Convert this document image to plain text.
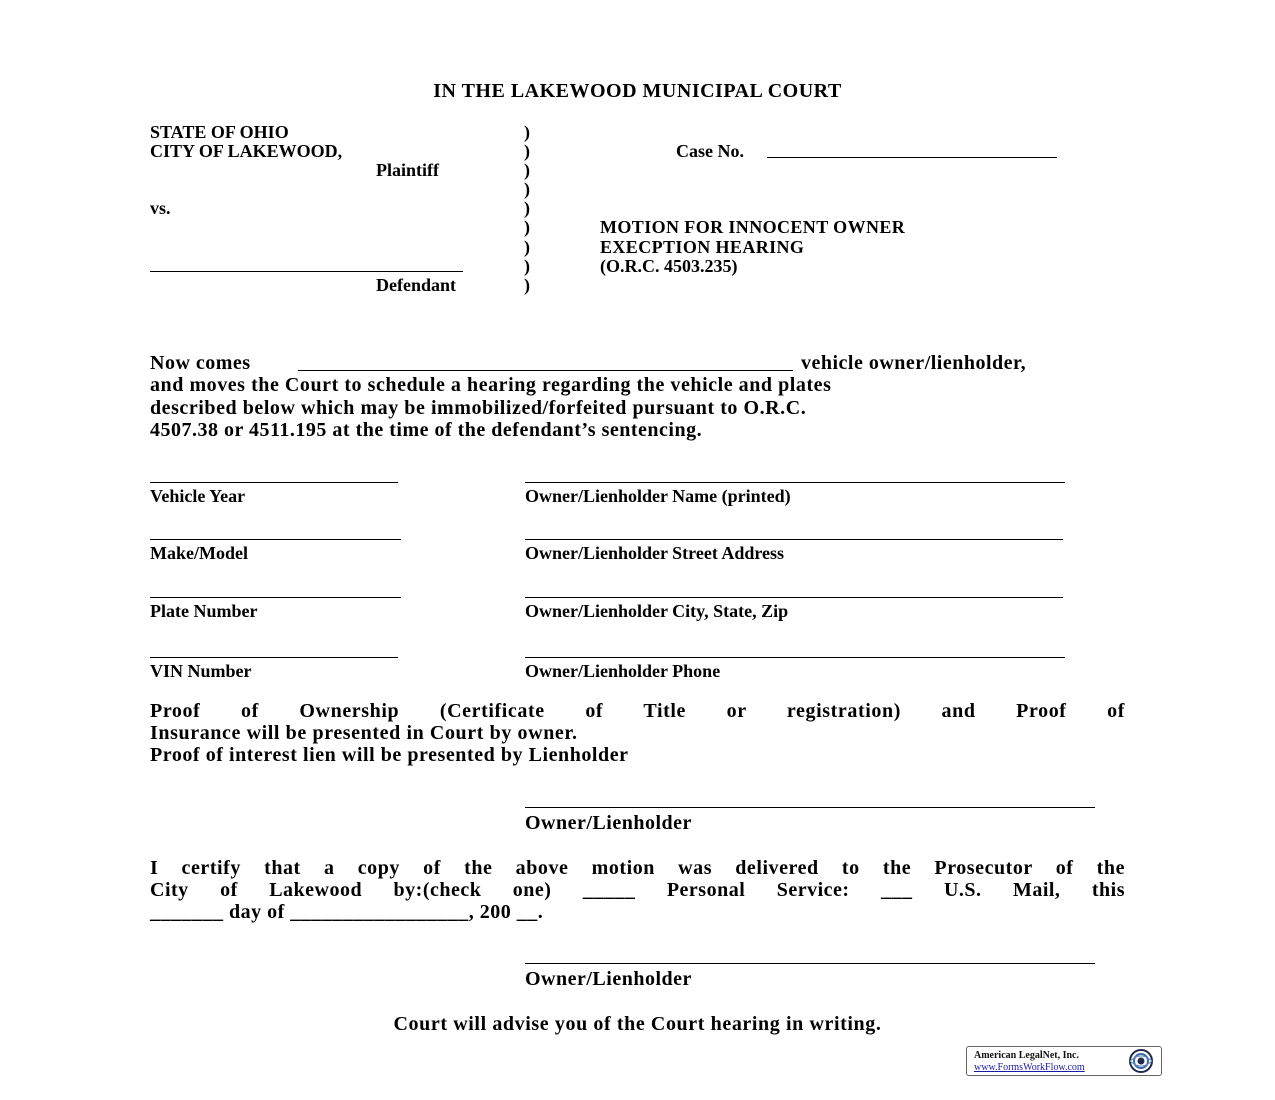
IN THE LAKEWOOD MUNICIPAL COURT
STATE OF OHIO
CITY OF LAKEWOOD,
Plaintiff
vs.
Defendant
)
)
)
)
)
)
)
)
)
Case No.
MOTION FOR INNOCENT OWNER
EXECPTION HEARING
(O.R.C. 4503.235)
Now comes	vehicle owner/lienholder,
and moves the Court to schedule a hearing regarding the vehicle and plates
described below which may be immobilized/forfeited pursuant to O.R.C.
4507.38 or 4511.195 at the time of the defendant’s sentencing.
Vehicle Year	Owner/Lienholder Name (printed)
Make/Model	Owner/Lienholder Street Address
Plate Number	Owner/Lienholder City, State, Zip
VIN Number	Owner/Lienholder Phone
Proof of Ownership (Certificate of Title or registration) and Proof of
Insurance will be presented in Court by owner.
Proof of interest lien will be presented by Lienholder
Owner/Lienholder
I certify that a copy of the above motion was delivered to the Prosecutor of the
City of Lakewood by:(check one) _____ Personal Service: ___ U.S. Mail, this
_______ day of _________________, 200 __.
Owner/Lienholder
Court will advise you of the Court hearing in writing.
American LegalNet, Inc.
www.FormsWorkFlow.com
